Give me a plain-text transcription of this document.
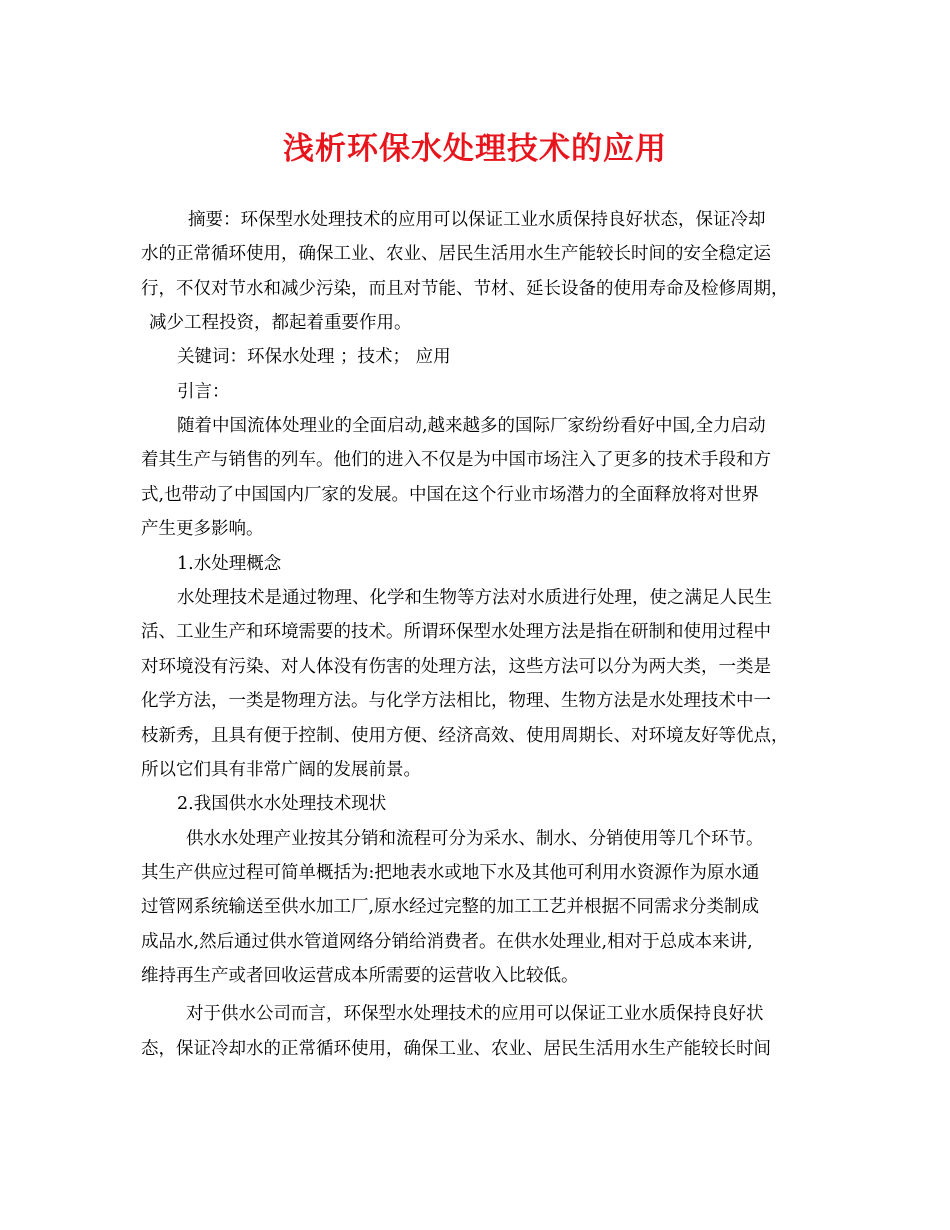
浅析环保水处理技术的应用
摘要：环保型水处理技术的应用可以保证工业水质保持良好状态，保证冷却
水的正常循环使用，确保工业、农业、居民生活用水生产能较长时间的安全稳定运
行，不仅对节水和减少污染，而且对节能、节材、延长设备的使用寿命及检修周期，
减少工程投资，都起着重要作用。
关键词：环保水处理 ；技术； 应用
引言：
随着中国流体处理业的全面启动,越来越多的国际厂家纷纷看好中国,全力启动
着其生产与销售的列车。他们的进入不仅是为中国市场注入了更多的技术手段和方
式,也带动了中国国内厂家的发展。中国在这个行业市场潜力的全面释放将对世界
产生更多影响。
1.水处理概念
水处理技术是通过物理、化学和生物等方法对水质进行处理，使之满足人民生
活、工业生产和环境需要的技术。所谓环保型水处理方法是指在研制和使用过程中
对环境没有污染、对人体没有伤害的处理方法，这些方法可以分为两大类，一类是
化学方法，一类是物理方法。与化学方法相比，物理、生物方法是水处理技术中一
枝新秀，且具有便于控制、使用方便、经济高效、使用周期长、对环境友好等优点，
所以它们具有非常广阔的发展前景。
2.我国供水水处理技术现状
供水水处理产业按其分销和流程可分为采水、制水、分销使用等几个环节。
其生产供应过程可简单概括为:把地表水或地下水及其他可利用水资源作为原水通
过管网系统输送至供水加工厂,原水经过完整的加工工艺并根据不同需求分类制成
成品水,然后通过供水管道网络分销给消费者。在供水处理业,相对于总成本来讲,
维持再生产或者回收运营成本所需要的运营收入比较低。
对于供水公司而言，环保型水处理技术的应用可以保证工业水质保持良好状
态，保证冷却水的正常循环使用，确保工业、农业、居民生活用水生产能较长时间
